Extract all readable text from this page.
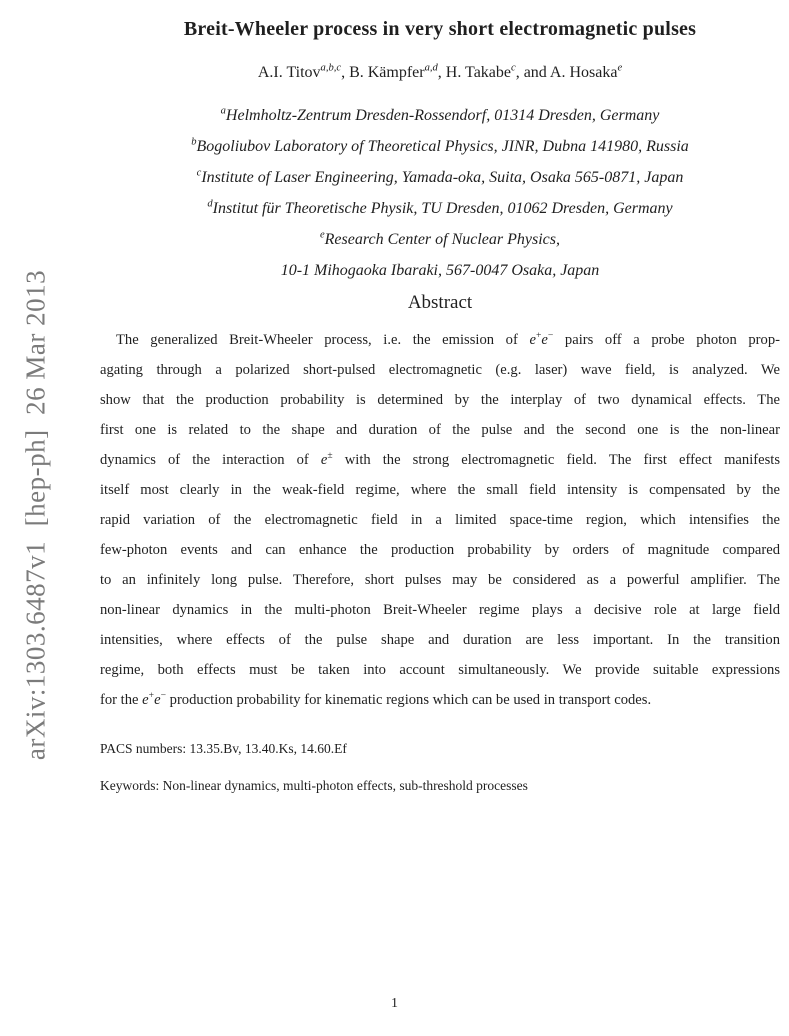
arXiv:1303.6487v1  [hep-ph]  26 Mar 2013
Breit-Wheeler process in very short electromagnetic pulses
A.I. Titov$^{a,b,c}$, B. Kämpfer$^{a,d}$, H. Takabe$^c$, and A. Hosaka$^e$
$^a$Helmholtz-Zentrum Dresden-Rossendorf, 01314 Dresden, Germany
$^b$Bogoliubov Laboratory of Theoretical Physics, JINR, Dubna 141980, Russia
$^c$Institute of Laser Engineering, Yamada-oka, Suita, Osaka 565-0871, Japan
$^d$Institut für Theoretische Physik, TU Dresden, 01062 Dresden, Germany
$^e$Research Center of Nuclear Physics,
10-1 Mihogaoka Ibaraki, 567-0047 Osaka, Japan
Abstract
The generalized Breit-Wheeler process, i.e. the emission of e+e− pairs off a probe photon prop-
agating through a polarized short-pulsed electromagnetic (e.g. laser) wave field, is analyzed. We
show that the production probability is determined by the interplay of two dynamical effects. The
first one is related to the shape and duration of the pulse and the second one is the non-linear
dynamics of the interaction of e± with the strong electromagnetic field. The first effect manifests
itself most clearly in the weak-field regime, where the small field intensity is compensated by the
rapid variation of the electromagnetic field in a limited space-time region, which intensifies the
few-photon events and can enhance the production probability by orders of magnitude compared
to an infinitely long pulse. Therefore, short pulses may be considered as a powerful amplifier. The
non-linear dynamics in the multi-photon Breit-Wheeler regime plays a decisive role at large field
intensities, where effects of the pulse shape and duration are less important. In the transition
regime, both effects must be taken into account simultaneously. We provide suitable expressions
for the e+e− production probability for kinematic regions which can be used in transport codes.
PACS numbers: 13.35.Bv, 13.40.Ks, 14.60.Ef
Keywords: Non-linear dynamics, multi-photon effects, sub-threshold processes
1
